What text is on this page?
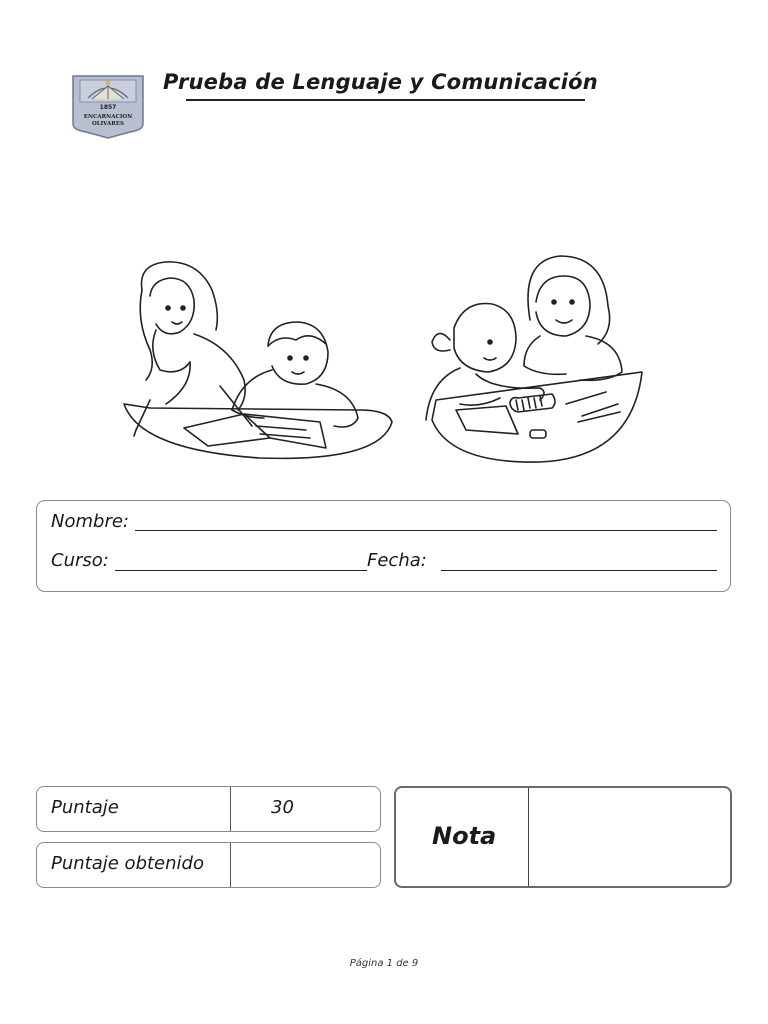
1857
ENCARNACION
OLIVARES
Prueba de Lenguaje y Comunicación
Nombre:
Curso:	Fecha:
Puntaje	30
Puntaje obtenido
Nota
Página 1 de 9
